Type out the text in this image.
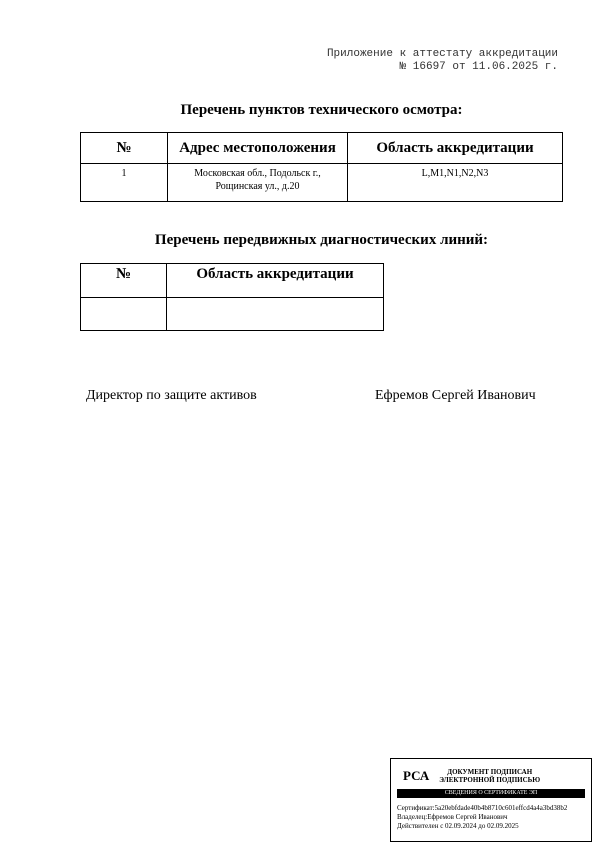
Приложение к аттестату аккредитации
№ 16697 от 11.06.2025 г.
Перечень пунктов технического осмотра:
№	Адрес местоположения	Область аккредитации
1	Московская обл., Подольск г.,
Рощинская ул., д.20	L,M1,N1,N2,N3
Перечень передвижных диагностических линий:
№	Область аккредитации

Директор по защите активов	Ефремов Сергей Иванович
РСА	ДОКУМЕНТ ПОДПИСАН
ЭЛЕКТРОННОЙ ПОДПИСЬЮ
СВЕДЕНИЯ О СЕРТИФИКАТЕ ЭП
Сертификат:5a20ebfdade40b4b8710c601effcd4a4a3bd38b2
Владелец:Ефремов Сергей Иванович
Действителен с 02.09.2024 до 02.09.2025
